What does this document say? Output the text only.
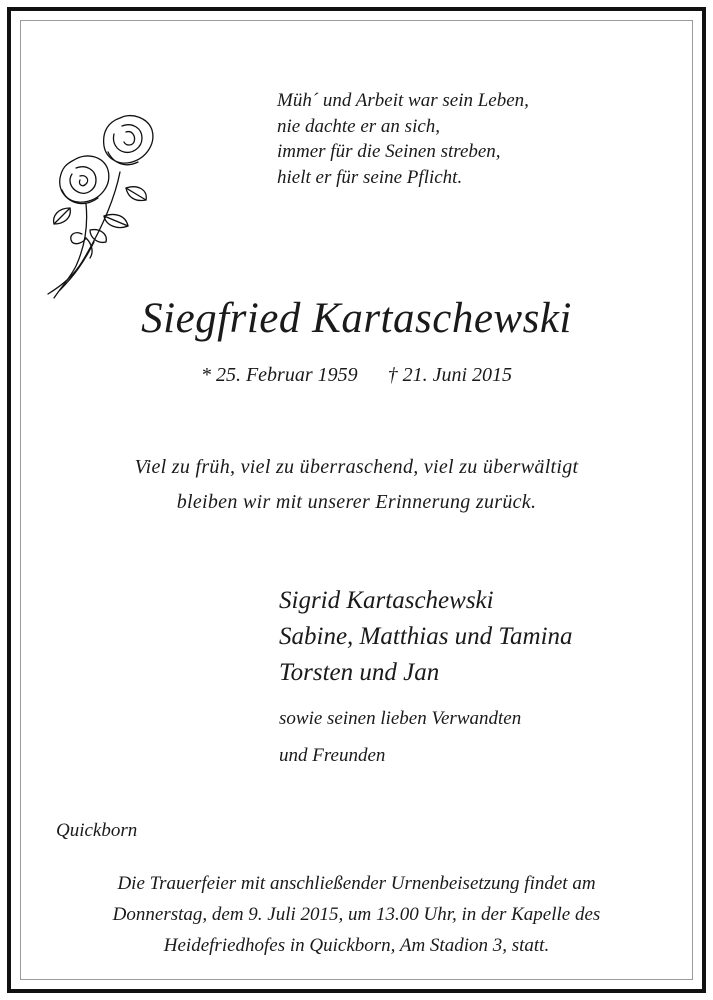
Müh´ und Arbeit war sein Leben,
nie dachte er an sich,
immer für die Seinen streben,
hielt er für seine Pflicht.
Siegfried Kartaschewski
* 25. Februar 1959 † 21. Juni 2015
Viel zu früh, viel zu überraschend, viel zu überwältigt
bleiben wir mit unserer Erinnerung zurück.
Sigrid Kartaschewski
Sabine, Matthias und Tamina
Torsten und Jan
sowie seinen lieben Verwandten
und Freunden
Quickborn
Die Trauerfeier mit anschließender Urnenbeisetzung findet am
Donnerstag, dem 9. Juli 2015, um 13.00 Uhr, in der Kapelle des
Heidefriedhofes in Quickborn, Am Stadion 3, statt.
